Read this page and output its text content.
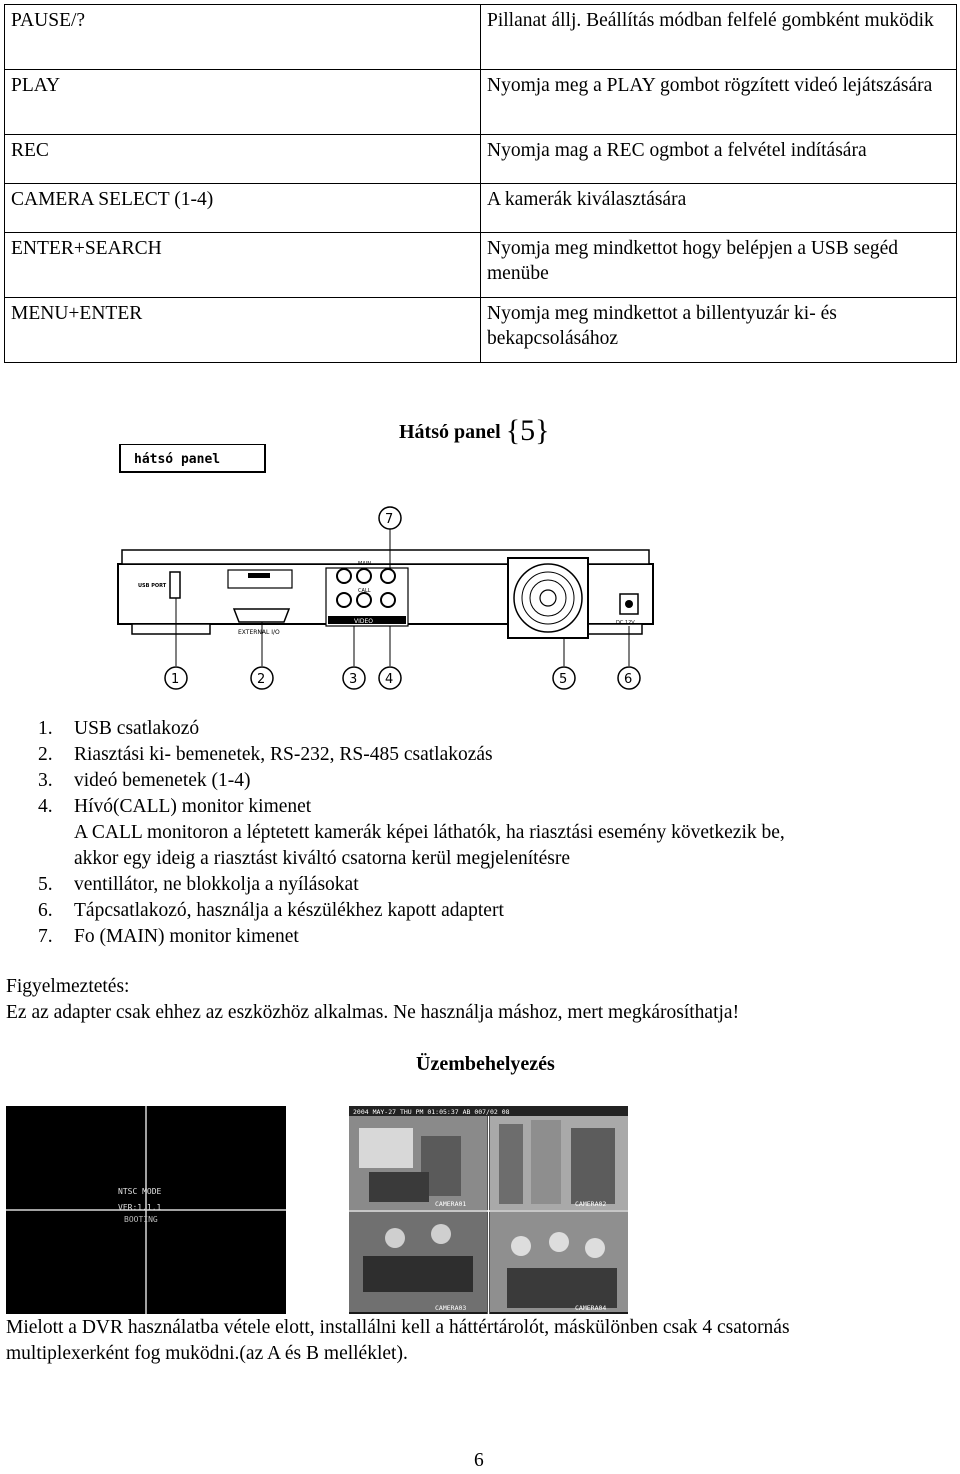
PAUSE/?	Pillanat állj. Beállítás módban felfelé gombként muködik
PLAY	Nyomja meg a PLAY gombot rögzített videó lejátszására
REC	Nyomja mag a REC ogmbot a felvétel indítására
CAMERA SELECT (1-4)	A kamerák kiválasztására
ENTER+SEARCH	Nyomja meg mindkettot hogy belépjen a USB segéd menübe
MENU+ENTER	Nyomja meg mindkettot a billentyuzár ki- és bekapcsolásához
Hátsó panel {5}
hátsó panel
USB PORT
EXTERNAL I/O
MAIN
CALL
VIDEO	DC 12V
7
1	2	3 4	5	6
1. USB csatlakozó
2. Riasztási ki- bemenetek, RS-232, RS-485 csatlakozás
3. videó bemenetek (1-4)
4. Hívó(CALL) monitor kimenet
A CALL monitoron a léptetett kamerák képei láthatók, ha riasztási esemény következik be,
akkor egy ideig a riasztást kiváltó csatorna kerül megjelenítésre
5. ventillátor, ne blokkolja a nyílásokat
6. Tápcsatlakozó, használja a készülékhez kapott adaptert
7. Fo (MAIN) monitor kimenet
Figyelmeztetés:
Ez az adapter csak ehhez az eszközhöz alkalmas. Ne használja máshoz, mert megkárosíthatja!
Üzembehelyezés
NTSC MODE
VER:1.1.1
BOOTING
2004 MAY-27 THU PM 01:05:37 AB 007/02 08
CAMERA01	CAMERA02
CAMERA03	CAMERA04
Mielott a DVR használatba vétele elott, installálni kell a háttértárolót, máskülönben csak 4 csatornás
multiplexerként fog muködni.(az A és B melléklet).
6
